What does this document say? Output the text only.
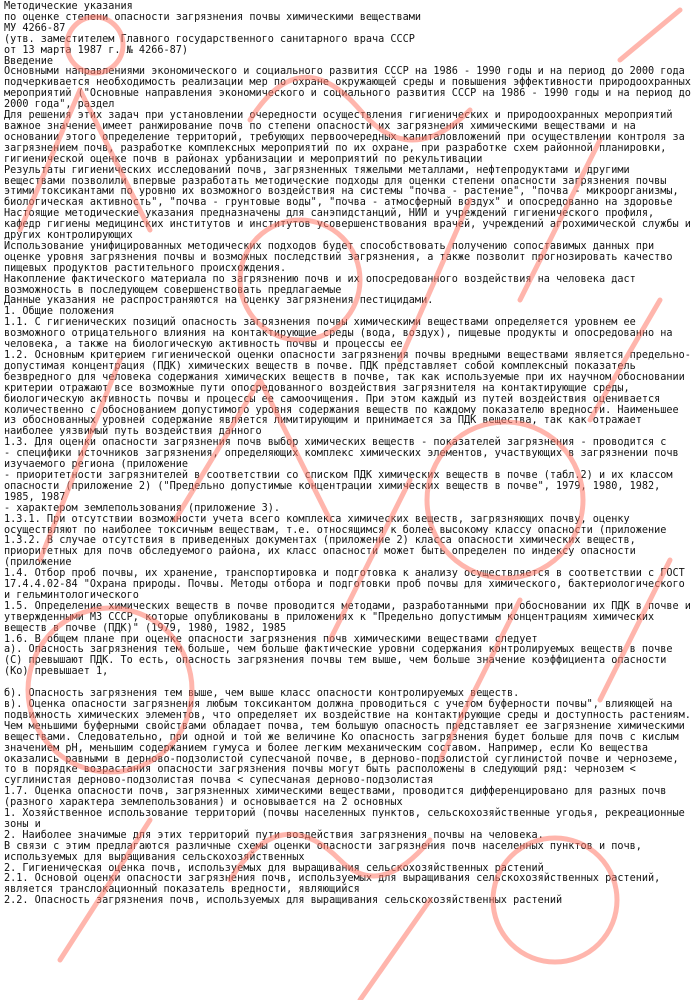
Методические указания
по оценке степени опасности загрязнения почвы химическими веществами
МУ 4266-87
(утв. заместителем Главного государственного санитарного врача СССР
от 13 марта 1987 г. № 4266-87)
Введение
Основными направлениями экономического и социального развития СССР на 1986 - 1990 годы и на период до 2000 года подчеркивается необходимость реализации мер по охране окружающей среды и повышения эффективности природоохранных мероприятий ("Основные направления экономического и социального развития СССР на 1986 - 1990 годы и на период до 2000 года", раздел
Для решения этих задач при установлении очередности осуществления гигиенических и природоохранных мероприятий важное значение имеет ранжирование почв по степени опасности их загрязнения химическими веществами и на основании этого определение территорий, требующих первоочередных капиталовложений при осуществлении контроля за загрязнением почв, разработке комплексных мероприятий по их охране, при разработке схем районной планировки, гигиенической оценке почв в районах урбанизации и мероприятий по рекультивации
Результаты гигиенических исследований почв, загрязненных тяжелыми металлами, нефтепродуктами и другими веществами позволили впервые разработать методические подходы для оценки степени опасности загрязнения почвы этими токсикантами по уровню их возможного воздействия на системы "почва - растение", "почва - микроорганизмы, биологическая активность", "почва - грунтовые воды", "почва - атмосферный воздух" и опосредованно на здоровье
Настоящие методические указания предназначены для санэпидстанций, НИИ и учреждений гигиенического профиля, кафедр гигиены медицинских институтов и институтов усовершенствования врачей, учреждений агрохимической службы и других контролирующих
Использование унифицированных методических подходов будет способствовать получению сопоставимых данных при оценке уровня загрязнения почвы и возможных последствий загрязнения, а также позволит прогнозировать качество пищевых продуктов растительного происхождения.
Накопление фактического материала по загрязнению почв и их опосредованного воздействия на человека даст возможность в последующем совершенствовать предлагаемые
Данные указания не распространяются на оценку загрязнения пестицидами.
1. Общие положения
1.1. С гигиенических позиций опасность загрязнения почвы химическими веществами определяется уровнем ее возможного отрицательного влияния на контактирующие среды (вода, воздух), пищевые продукты и опосредованно на человека, а также на биологическую активность почвы и процессы ее
1.2. Основным критерием гигиенической оценки опасности загрязнения почвы вредными веществами является предельно-допустимая концентрация (ПДК) химических веществ в почве. ПДК представляет собой комплексный показатель безвредного для человека содержания химических веществ в почве, так как используемые при их научном обосновании критерии отражают все возможные пути опосредованного воздействия загрязнителя на контактирующие среды, биологическую активность почвы и процессы ее самоочищения. При этом каждый из путей воздействия оценивается количественно с обоснованием допустимого уровня содержания веществ по каждому показателю вредности. Наименьшее из обоснованных уровней содержание является лимитирующим и принимается за ПДК вещества, так как отражает наиболее уязвимый путь воздействия данного
1.3. Для оценки опасности загрязнения почв выбор химических веществ - показателей загрязнения - проводится с
- специфики источников загрязнения, определяющих комплекс химических элементов, участвующих в загрязнении почв изучаемого региона (приложение
- приоритетности загрязнителей в соответствии со списком ПДК химических веществ в почве (табл.2) и их классом опасности (приложение 2) ("Предельно допустимые концентрации химических веществ в почве", 1979, 1980, 1982, 1985, 1987
- характером землепользования (приложение 3).
1.3.1. При отсутствии возможности учета всего комплекса химических веществ, загрязняющих почву, оценку осуществляют по наиболее токсичным веществам, т.е. относящимся к более высокому классу опасности (приложение
1.3.2. В случае отсутствия в приведенных документах (приложение 2) класса опасности химических веществ, приоритетных для почв обследуемого района, их класс опасности может быть определен по индексу опасности (приложение
1.4. Отбор проб почвы, их хранение, транспортировка и подготовка к анализу осуществляется в соответствии с ГОСТ 17.4.4.02-84 "Охрана природы. Почвы. Методы отбора и подготовки проб почвы для химического, бактериологического и гельминтологического
1.5. Определение химических веществ в почве проводится методами, разработанными при обосновании их ПДК в почве и утвержденными МЗ СССР, которые опубликованы в приложениях к "Предельно допустимым концентрациям химических веществ в почве (ПДК)" (1979, 1980, 1982, 1985
1.6. В общем плане при оценке опасности загрязнения почв химическими веществами следует
а). Опасность загрязнения тем больше, чем больше фактические уровни содержания контролируемых веществ в почве (С) превышают ПДК. То есть, опасность загрязнения почвы тем выше, чем больше значение коэффициента опасности (Ко) превышает 1,
б). Опасность загрязнения тем выше, чем выше класс опасности контролируемых веществ.
в). Оценка опасности загрязнения любым токсикантом должна проводиться с учетом буферности почвы", влияющей на подвижность химических элементов, что определяет их воздействие на контактирующие среды и доступность растениям. Чем меньшими буферными свойствами обладает почва, тем большую опасность представляет ее загрязнение химическими веществами. Следовательно, при одной и той же величине Ко опасность загрязнения будет больше для почв с кислым значением pH, меньшим содержанием гумуса и более легким механическим составом. Например, если Ко вещества оказались равными в дерново-подзолистой супесчаной почве, в дерново-подзолистой суглинистой почве и черноземе, то в порядке возрастания опасности загрязнения почвы могут быть расположены в следующий ряд: чернозем < суглинистая дерново-подзолистая почва < супесчаная дерново-подзолистая
1.7. Оценка опасности почв, загрязненных химическими веществами, проводится дифференцировано для разных почв (разного характера землепользования) и основывается на 2 основных
1. Хозяйственное использование территорий (почвы населенных пунктов, сельскохозяйственные угодья, рекреационные зоны и
2. Наиболее значимые для этих территорий пути воздействия загрязнения почвы на человека.
В связи с этим предлагаются различные схемы оценки опасности загрязнения почв населенных пунктов и почв, используемых для выращивания сельскохозяйственных
2. Гигиеническая оценка почв, используемых для выращивания сельскохозяйственных растений
2.1. Основой оценки опасности загрязнения почв, используемых для выращивания сельскохозяйственных растений, является транслокационный показатель вредности, являющийся
2.2. Опасность загрязнения почв, используемых для выращивания сельскохозяйственных растений
